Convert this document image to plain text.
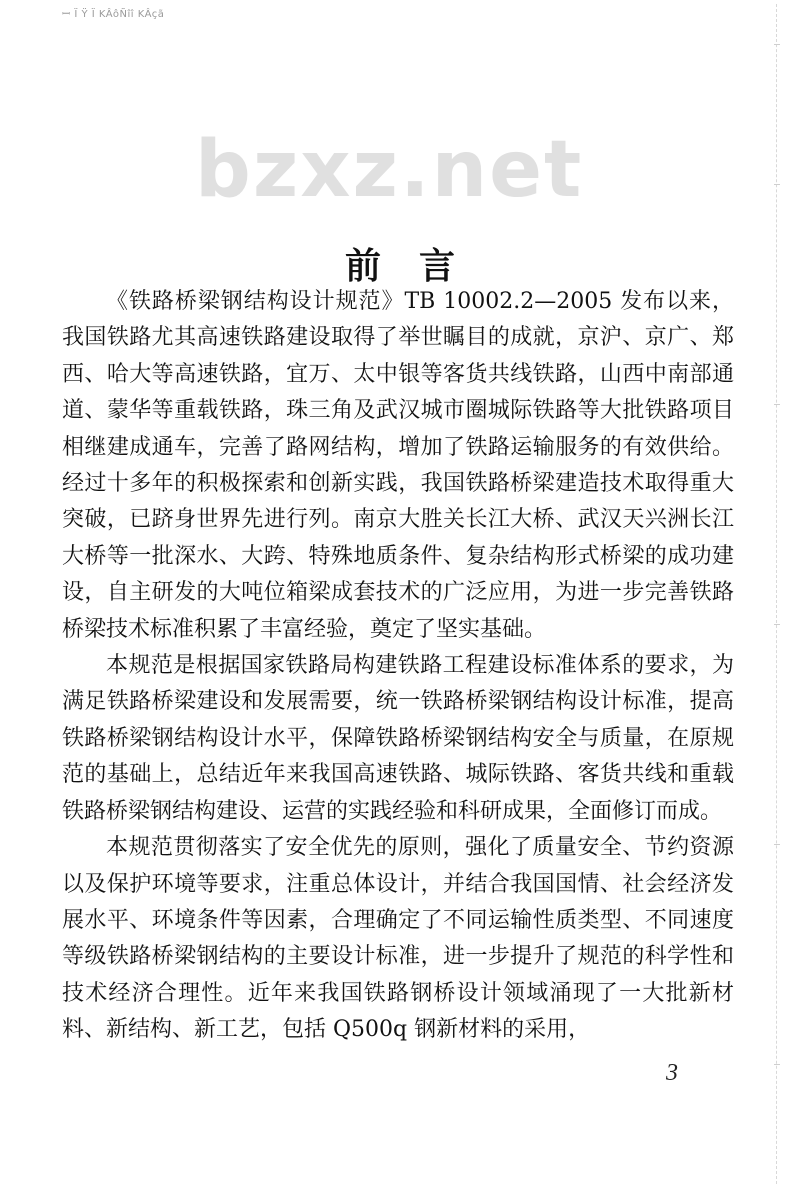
ꟷ Ï Ÿ Ï KÂôÑîî KÂçã
bzxz.net
前言

《铁路桥梁钢结构设计规范》TB 10002.2—2005 发布以来，我国铁路尤其高速铁路建设取得了举世瞩目的成就，京沪、京广、郑西、哈大等高速铁路，宜万、太中银等客货共线铁路，山西中南部通道、蒙华等重载铁路，珠三角及武汉城市圈城际铁路等大批铁路项目相继建成通车，完善了路网结构，增加了铁路运输服务的有效供给。经过十多年的积极探索和创新实践，我国铁路桥梁建造技术取得重大突破，已跻身世界先进行列。南京大胜关长江大桥、武汉天兴洲长江大桥等一批深水、大跨、特殊地质条件、复杂结构形式桥梁的成功建设，自主研发的大吨位箱梁成套技术的广泛应用，为进一步完善铁路桥梁技术标准积累了丰富经验，奠定了坚实基础。

本规范是根据国家铁路局构建铁路工程建设标准体系的要求，为满足铁路桥梁建设和发展需要，统一铁路桥梁钢结构设计标准，提高铁路桥梁钢结构设计水平，保障铁路桥梁钢结构安全与质量，在原规范的基础上，总结近年来我国高速铁路、城际铁路、客货共线和重载铁路桥梁钢结构建设、运营的实践经验和科研成果，全面修订而成。

本规范贯彻落实了安全优先的原则，强化了质量安全、节约资源以及保护环境等要求，注重总体设计，并结合我国国情、社会经济发展水平、环境条件等因素，合理确定了不同运输性质类型、不同速度等级铁路桥梁钢结构的主要设计标准，进一步提升了规范的科学性和技术经济合理性。近年来我国铁路钢桥设计领域涌现了一大批新材料、新结构、新工艺，包括 Q500q 钢新材料的采用，

3
